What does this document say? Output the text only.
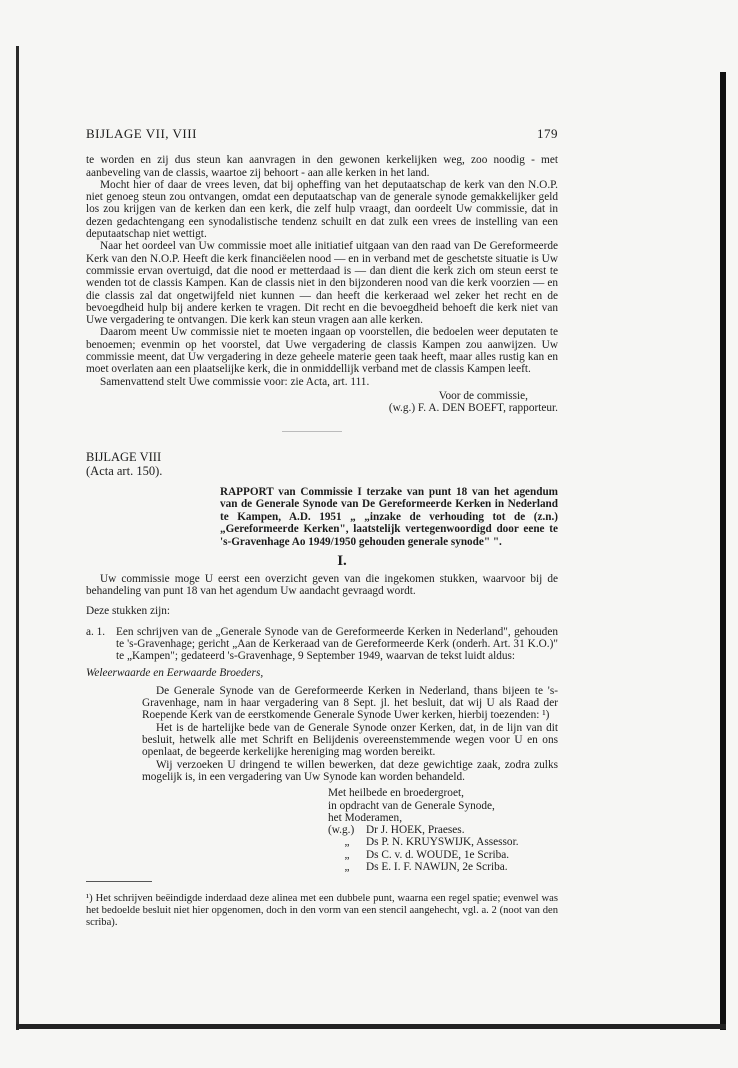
BIJLAGE VII, VIII	179

te worden en zij dus steun kan aanvragen in den gewonen kerkelijken weg, zoo noodig - met aanbeveling van de classis, waartoe zij behoort - aan alle kerken in het land.

Mocht hier of daar de vrees leven, dat bij opheffing van het deputaatschap de kerk van den N.O.P. niet genoeg steun zou ontvangen, omdat een deputaatschap van de generale synode gemakkelijker geld los zou krijgen van de kerken dan een kerk, die zelf hulp vraagt, dan oordeelt Uw commissie, dat in dezen gedachtengang een synodalistische tendenz schuilt en dat zulk een vrees de instelling van een deputaatschap niet wettigt.

Naar het oordeel van Uw commissie moet alle initiatief uitgaan van den raad van De Gereformeerde Kerk van den N.O.P. Heeft die kerk financiëelen nood — en in verband met de geschetste situatie is Uw commissie ervan overtuigd, dat die nood er metterdaad is — dan dient die kerk zich om steun eerst te wenden tot de classis Kampen. Kan de classis niet in den bijzonderen nood van die kerk voorzien — en die classis zal dat ongetwijfeld niet kunnen — dan heeft die kerkeraad wel zeker het recht en de bevoegdheid hulp bij andere kerken te vragen. Dit recht en die bevoegdheid behoeft die kerk niet van Uwe vergadering te ontvangen. Die kerk kan steun vragen aan alle kerken.

Daarom meent Uw commissie niet te moeten ingaan op voorstellen, die bedoelen weer deputaten te benoemen; evenmin op het voorstel, dat Uwe vergadering de classis Kampen zou aanwijzen. Uw commissie meent, dat Uw vergadering in deze geheele materie geen taak heeft, maar alles rustig kan en moet overlaten aan een plaatselijke kerk, die in onmiddellijk verband met de classis Kampen leeft.

Samenvattend stelt Uwe commissie voor: zie Acta, art. 111.

Voor de commissie,

(w.g.) F. A. DEN BOEFT, rapporteur.

BIJLAGE VIII
(Acta art. 150).
RAPPORT van Commissie I terzake van punt 18 van het agendum van de Generale Synode van De Gereformeerde Kerken in Nederland te Kampen, A.D. 1951 „ „inzake de verhouding tot de (z.n.) „Gereformeerde Kerken", laatstelijk vertegenwoordigd door eene te 's-Gravenhage Ao 1949/1950 gehouden generale synode" ".
I.

Uw commissie moge U eerst een overzicht geven van die ingekomen stukken, waarvoor bij de behandeling van punt 18 van het agendum Uw aandacht gevraagd wordt.

Deze stukken zijn:

a. 1. Een schrijven van de „Generale Synode van de Gereformeerde Kerken in Nederland", gehouden te 's-Gravenhage; gericht „Aan de Kerkeraad van de Gereformeerde Kerk (onderh. Art. 31 K.O.)" te „Kampen"; gedateerd 's-Gravenhage, 9 September 1949, waarvan de tekst luidt aldus:

Weleerwaarde en Eerwaarde Broeders,

De Generale Synode van de Gereformeerde Kerken in Nederland, thans bijeen te 's-Gravenhage, nam in haar vergadering van 8 Sept. jl. het besluit, dat wij U als Raad der Roepende Kerk van de eerstkomende Generale Synode Uwer kerken, hierbij toezenden: ¹)

Het is de hartelijke bede van de Generale Synode onzer Kerken, dat, in de lijn van dit besluit, hetwelk alle met Schrift en Belijdenis overeenstemmende wegen voor U en ons openlaat, de begeerde kerkelijke hereniging mag worden bereikt.

Wij verzoeken U dringend te willen bewerken, dat deze gewichtige zaak, zodra zulks mogelijk is, in een vergadering van Uw Synode kan worden behandeld.

Met heilbede en broedergroet,
in opdracht van de Generale Synode,
het Moderamen,
(w.g.)	Dr J. HOEK, Praeses.
„	Ds P. N. KRUYSWIJK, Assessor.
„	Ds C. v. d. WOUDE, 1e Scriba.
„	Ds E. I. F. NAWIJN, 2e Scriba.

¹) Het schrijven beëindigde inderdaad deze alinea met een dubbele punt, waarna een regel spatie; evenwel was het bedoelde besluit niet hier opgenomen, doch in den vorm van een stencil aangehecht, vgl. a. 2 (noot van den scriba).
